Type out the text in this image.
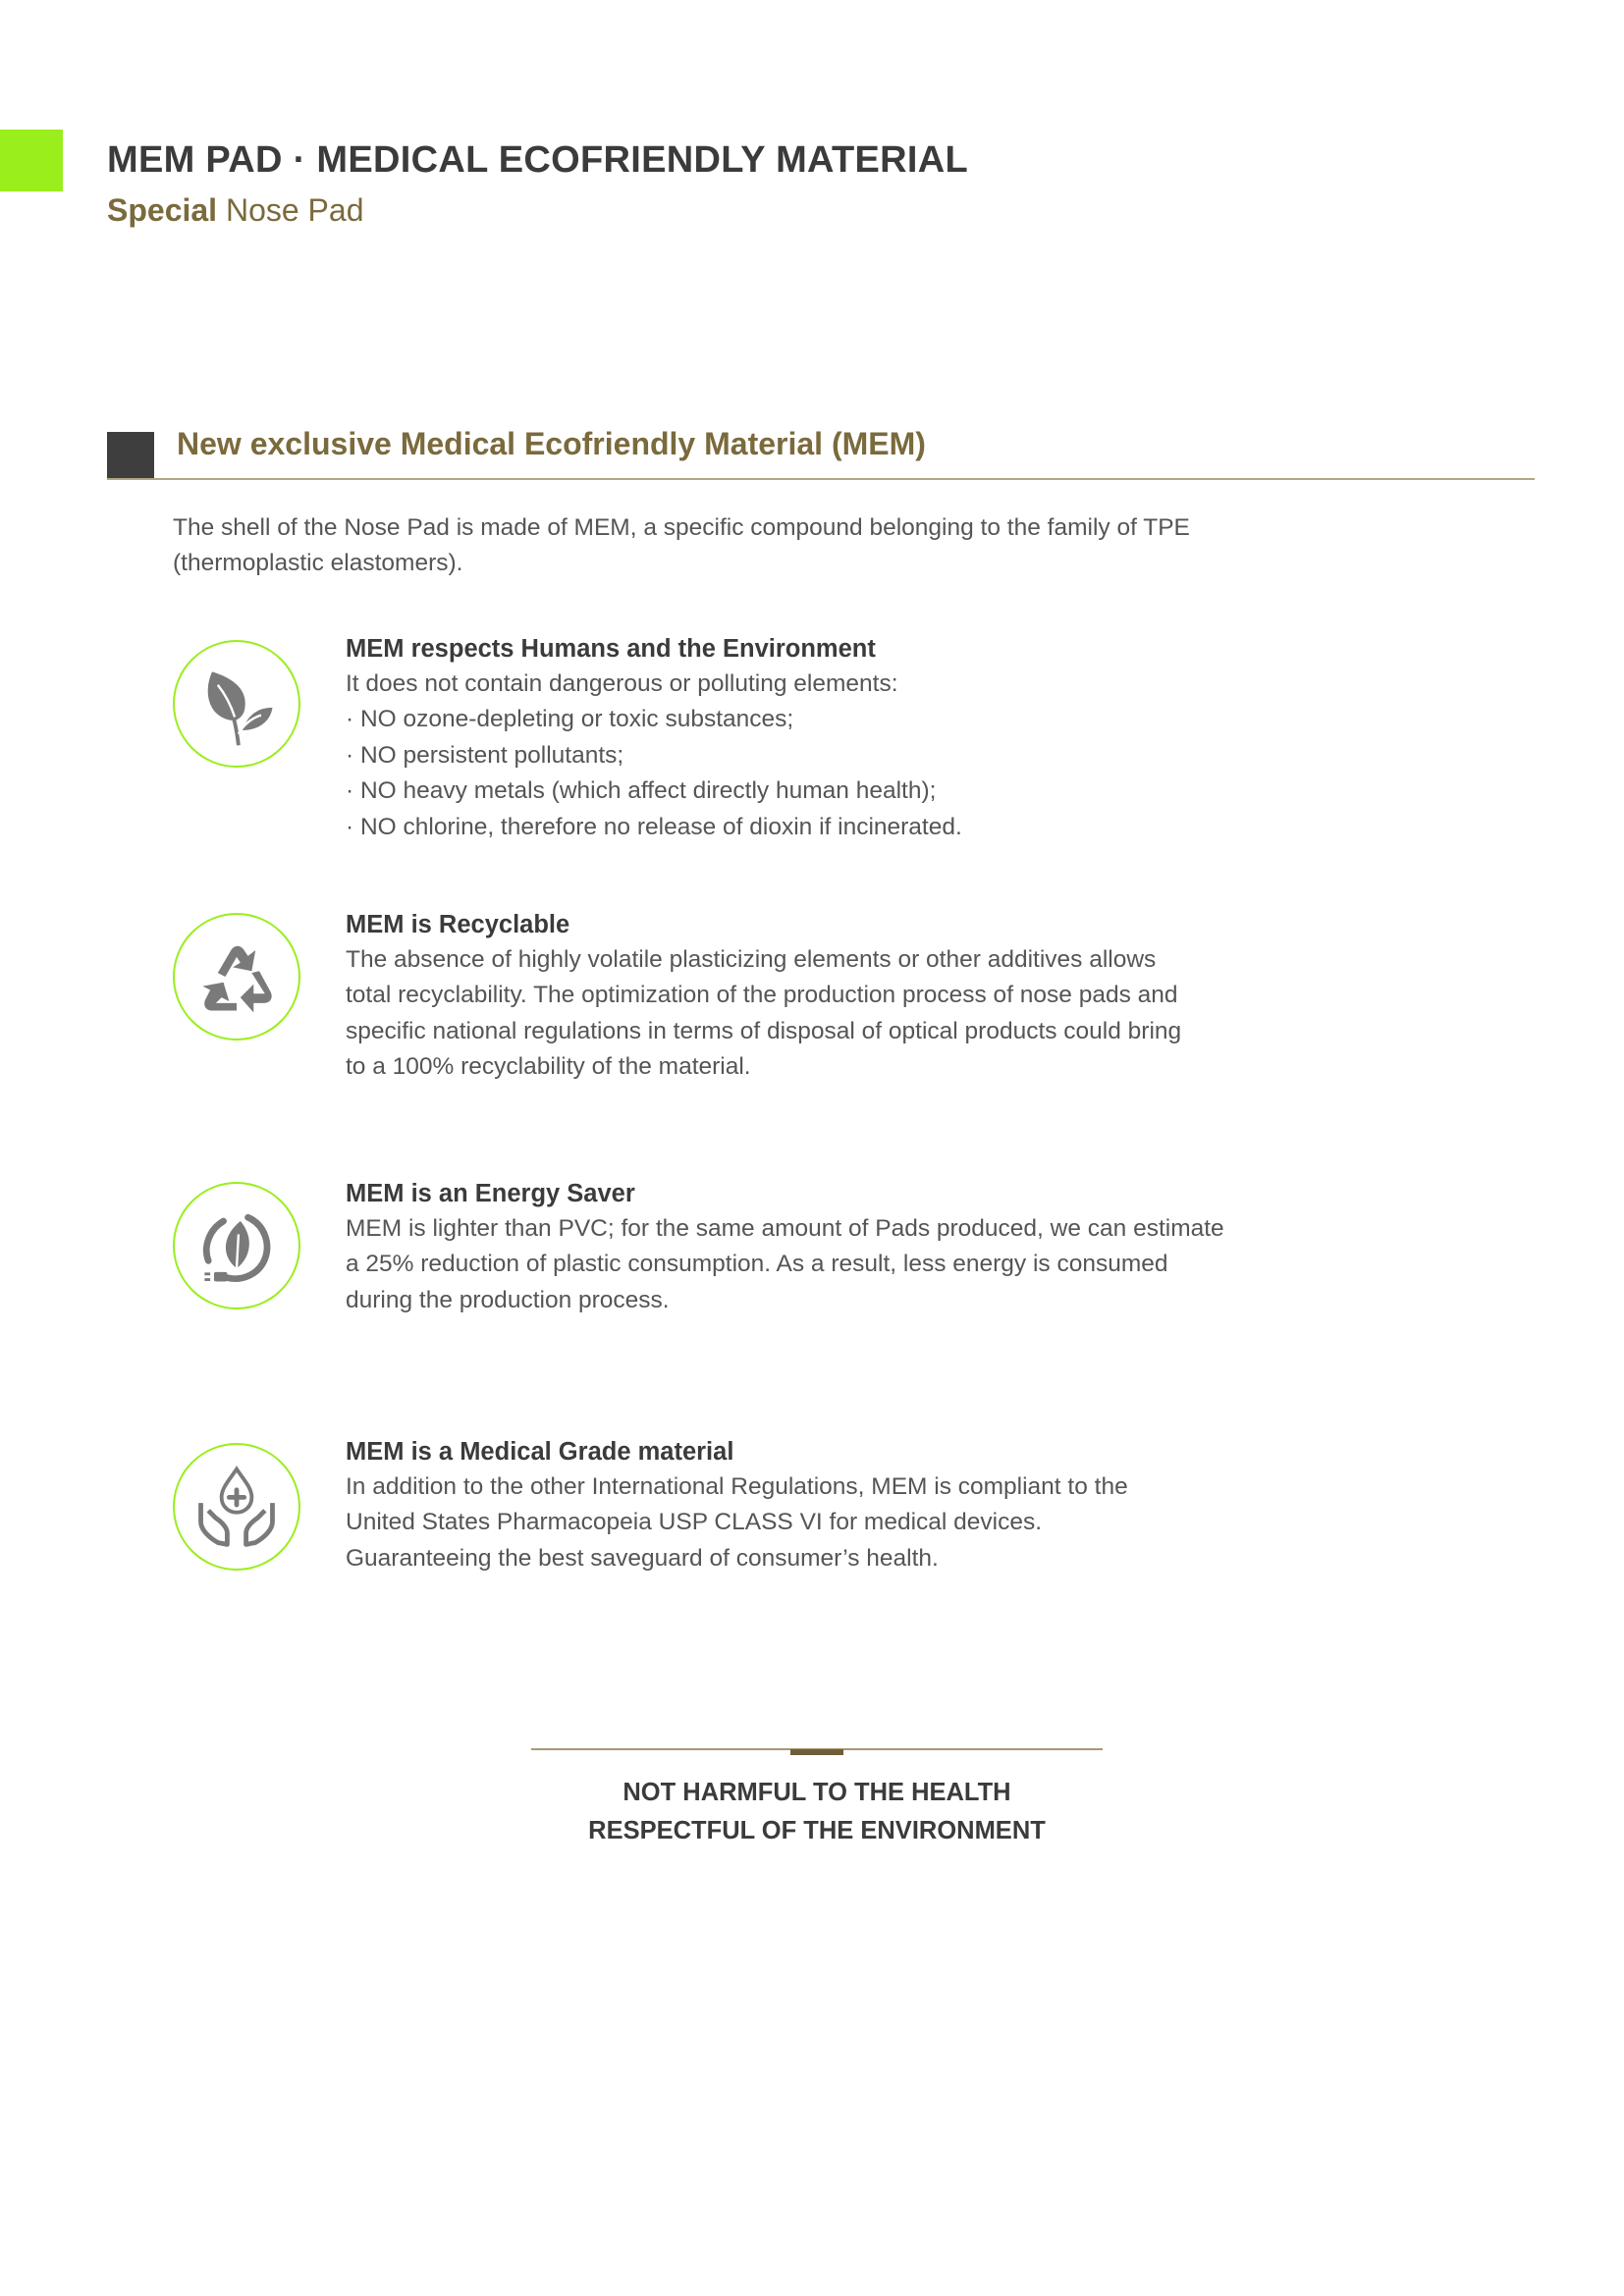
MEM PAD · MEDICAL ECOFRIENDLY MATERIAL
Special Nose Pad
New exclusive Medical Ecofriendly Material (MEM)
The shell of the Nose Pad is made of MEM, a specific compound belonging to the family of TPE (thermoplastic elastomers).
MEM respects Humans and the Environment
It does not contain dangerous or polluting elements:
· NO ozone-depleting or toxic substances;
· NO persistent pollutants;
· NO heavy metals (which affect directly human health);
· NO chlorine, therefore no release of dioxin if incinerated.
MEM is Recyclable
The absence of highly volatile plasticizing elements or other additives allows
total recyclability. The optimization of the production process of nose pads and
specific national regulations in terms of disposal of optical products could bring
to a 100% recyclability of the material.
MEM is an Energy Saver
MEM is lighter than PVC; for the same amount of Pads produced, we can estimate
a 25% reduction of plastic consumption. As a result, less energy is consumed
during the production process.
MEM is a Medical Grade material
In addition to the other International Regulations, MEM is compliant to the
United States Pharmacopeia USP CLASS VI for medical devices.
Guaranteeing the best saveguard of consumer’s health.
NOT HARMFUL TO THE HEALTH
RESPECTFUL OF THE ENVIRONMENT
